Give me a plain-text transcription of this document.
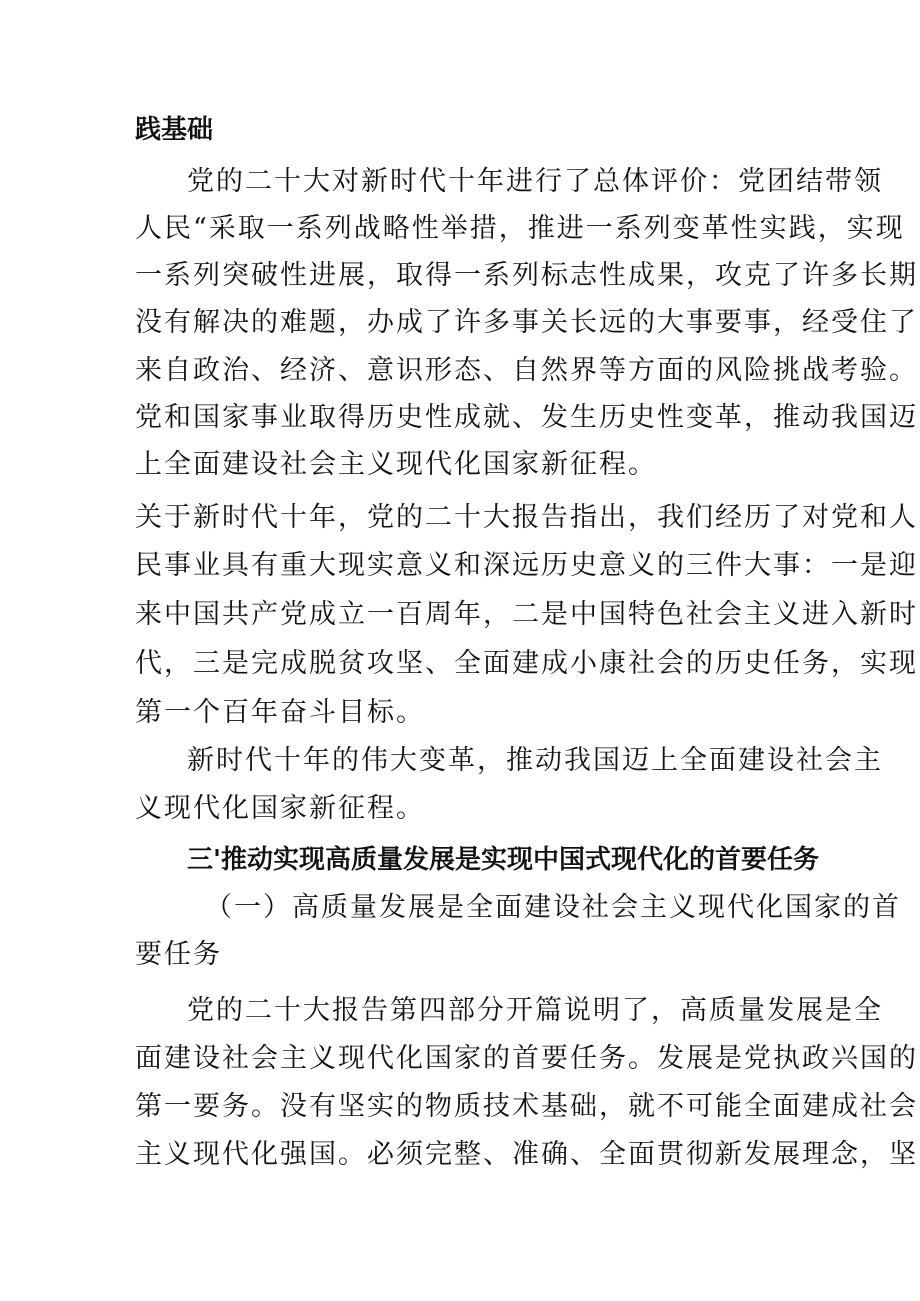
践基础
党的二十大对新时代十年进行了总体评价：党团结带领
人民“采取一系列战略性举措，推进一系列变革性实践，实现
一系列突破性进展，取得一系列标志性成果，攻克了许多长期
没有解决的难题，办成了许多事关长远的大事要事，经受住了
来自政治、经济、意识形态、自然界等方面的风险挑战考验。
党和国家事业取得历史性成就、发生历史性变革，推动我国迈
上全面建设社会主义现代化国家新征程。
关于新时代十年，党的二十大报告指出，我们经历了对党和人
民事业具有重大现实意义和深远历史意义的三件大事：一是迎
来中国共产党成立一百周年，二是中国特色社会主义进入新时
代，三是完成脱贫攻坚、全面建成小康社会的历史任务，实现
第一个百年奋斗目标。
新时代十年的伟大变革，推动我国迈上全面建设社会主
义现代化国家新征程。
三'推动实现高质量发展是实现中国式现代化的首要任务
（一）高质量发展是全面建设社会主义现代化国家的首
要任务
党的二十大报告第四部分开篇说明了，高质量发展是全
面建设社会主义现代化国家的首要任务。发展是党执政兴国的
第一要务。没有坚实的物质技术基础，就不可能全面建成社会
主义现代化强国。必须完整、准确、全面贯彻新发展理念，坚
